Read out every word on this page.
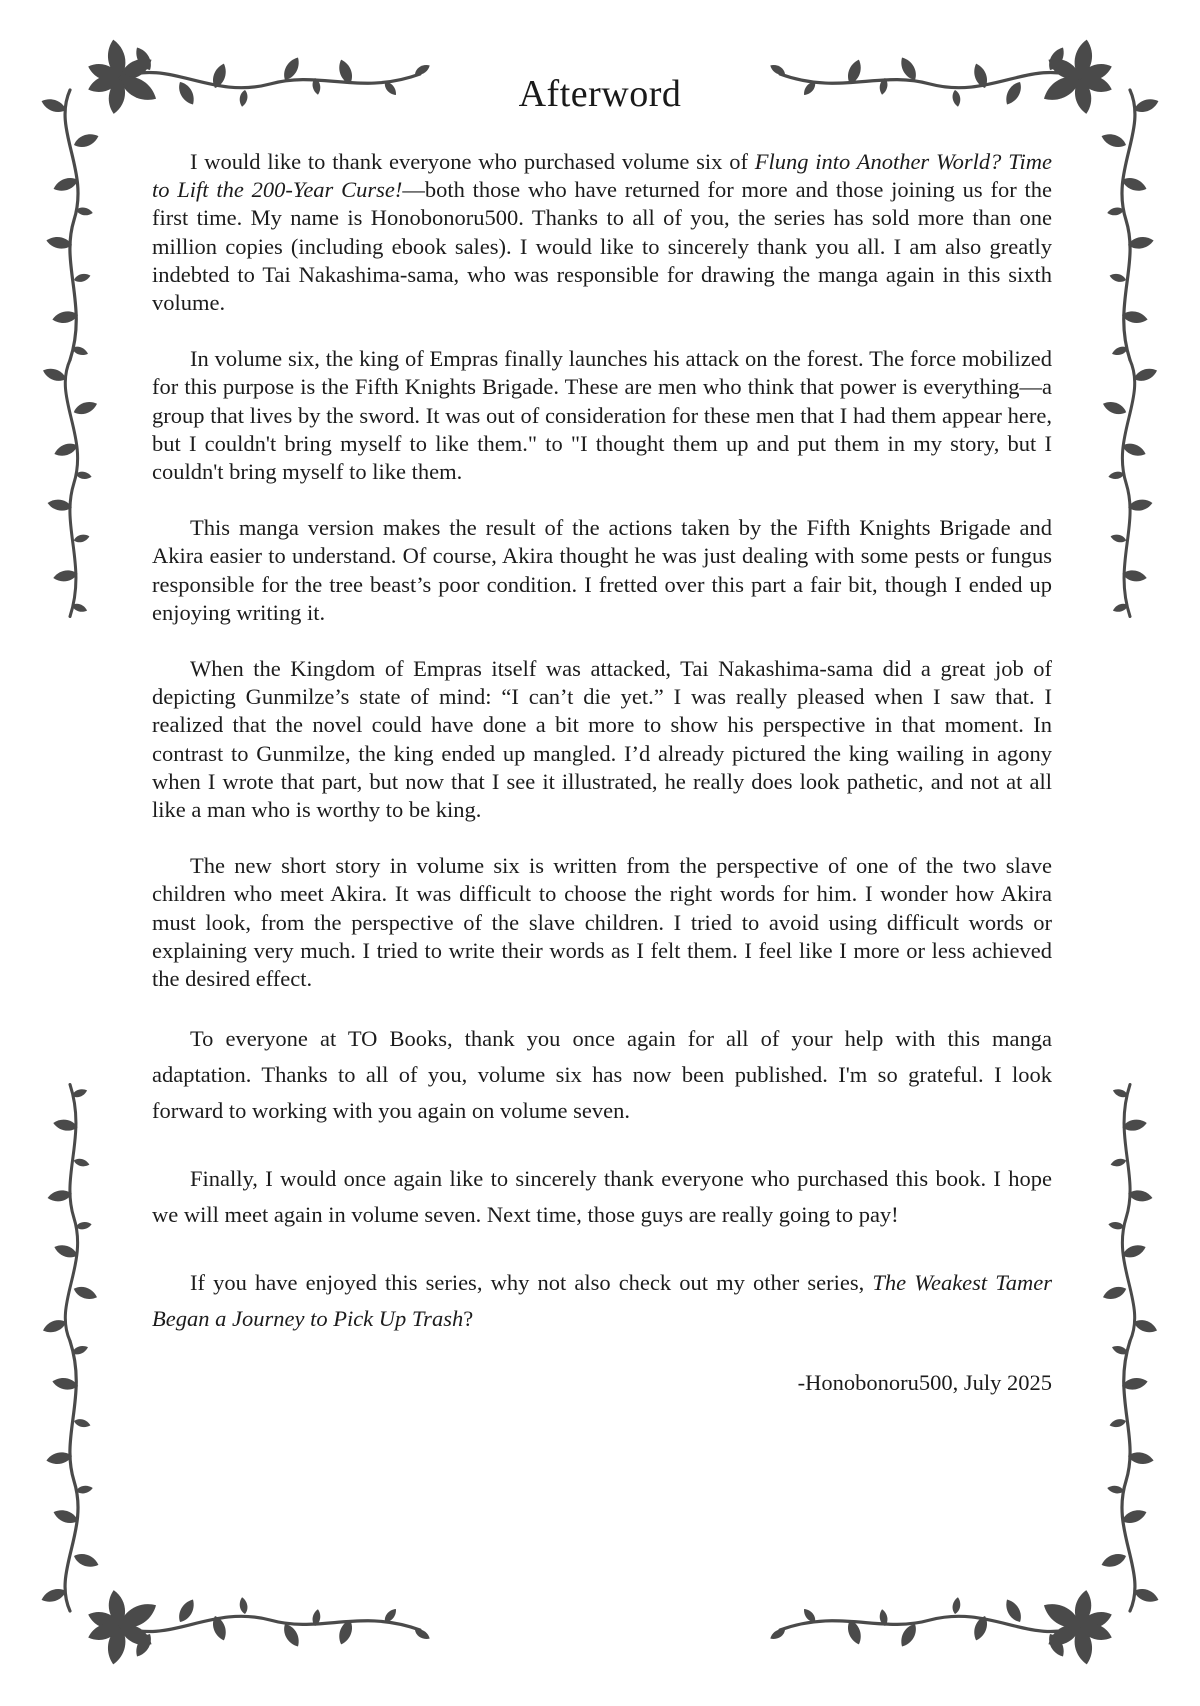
Afterword

I would like to thank everyone who purchased volume six of Flung into Another World? Time to Lift the 200-Year Curse!—both those who have returned for more and those joining us for the first time. My name is Honobonoru500. Thanks to all of you, the series has sold more than one million copies (including ebook sales). I would like to sincerely thank you all. I am also greatly indebted to Tai Nakashima-sama, who was responsible for drawing the manga again in this sixth volume.

In volume six, the king of Empras finally launches his attack on the forest. The force mobilized for this purpose is the Fifth Knights Brigade. These are men who think that power is everything—a group that lives by the sword. It was out of consideration for these men that I had them appear here, but I couldn't bring myself to like them." to "I thought them up and put them in my story, but I couldn't bring myself to like them.

This manga version makes the result of the actions taken by the Fifth Knights Brigade and Akira easier to understand. Of course, Akira thought he was just dealing with some pests or fungus responsible for the tree beast’s poor condition. I fretted over this part a fair bit, though I ended up enjoying writing it.

When the Kingdom of Empras itself was attacked, Tai Nakashima-sama did a great job of depicting Gunmilze’s state of mind: “I can’t die yet.” I was really pleased when I saw that. I realized that the novel could have done a bit more to show his perspective in that moment. In contrast to Gunmilze, the king ended up mangled. I’d already pictured the king wailing in agony when I wrote that part, but now that I see it illustrated, he really does look pathetic, and not at all like a man who is worthy to be king.

The new short story in volume six is written from the perspective of one of the two slave children who meet Akira. It was difficult to choose the right words for him. I wonder how Akira must look, from the perspective of the slave children. I tried to avoid using difficult words or explaining very much. I tried to write their words as I felt them. I feel like I more or less achieved the desired effect.

To everyone at TO Books, thank you once again for all of your help with this manga adaptation. Thanks to all of you, volume six has now been published. I'm so grateful. I look forward to working with you again on volume seven.

Finally, I would once again like to sincerely thank everyone who purchased this book. I hope we will meet again in volume seven. Next time, those guys are really going to pay!

If you have enjoyed this series, why not also check out my other series, The Weakest Tamer Began a Journey to Pick Up Trash?

-Honobonoru500, July 2025
